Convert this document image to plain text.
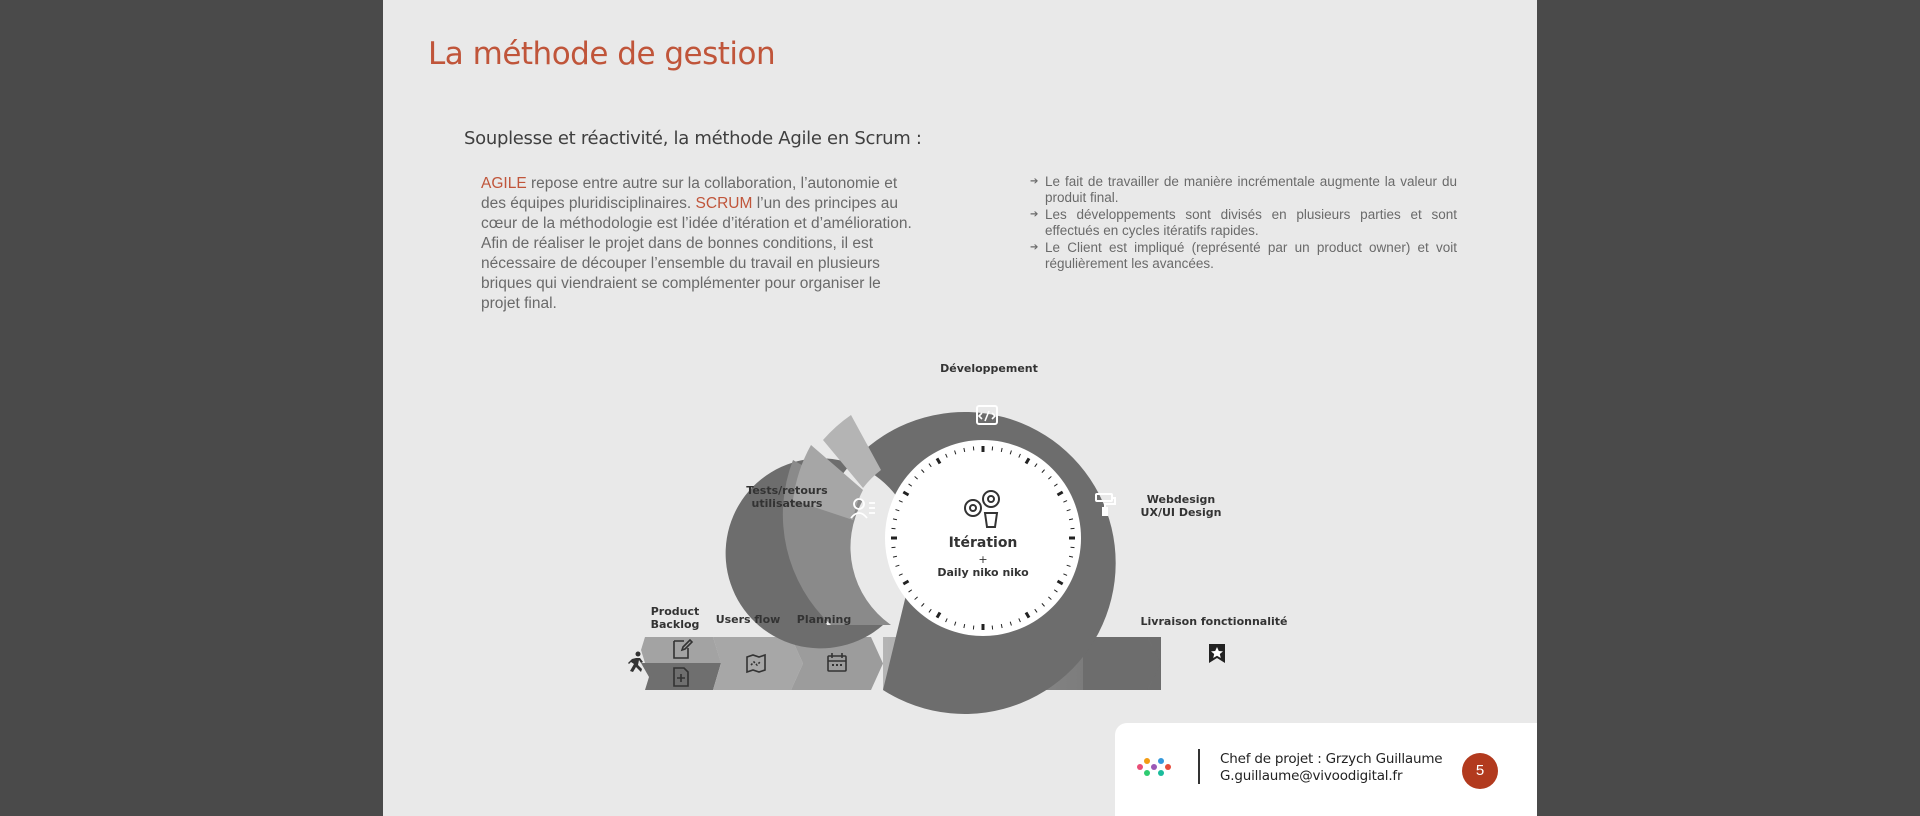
La méthode de gestion
Souplesse et réactivité, la méthode Agile en Scrum :

AGILE repose entre autre sur la collaboration, l’autonomie et des équipes pluridisciplinaires. SCRUM l’un des principes au cœur de la méthodologie est l’idée d’itération et d’amélioration.

Afin de réaliser le projet dans de bonnes conditions, il est nécessaire de découper l’ensemble du travail en plusieurs briques qui viendraient se complémenter pour organiser le projet final.

➔ Le fait de travailler de manière incrémentale augmente la valeur du produit final.
➔ Les développements sont divisés en plusieurs parties et sont effectués en cycles itératifs rapides.
➔ Le Client est impliqué (représenté par un product owner) et voit régulièrement les avancées.
Itération
+
Daily niko niko
Développement
Webdesign
UX/UI Design
Tests/retours
utilisateurs
Product
Backlog Users flow Planning	Livraison fonctionnalité
Chef de projet : Grzych Guillaume
G.guillaume@vivoodigital.fr	5
